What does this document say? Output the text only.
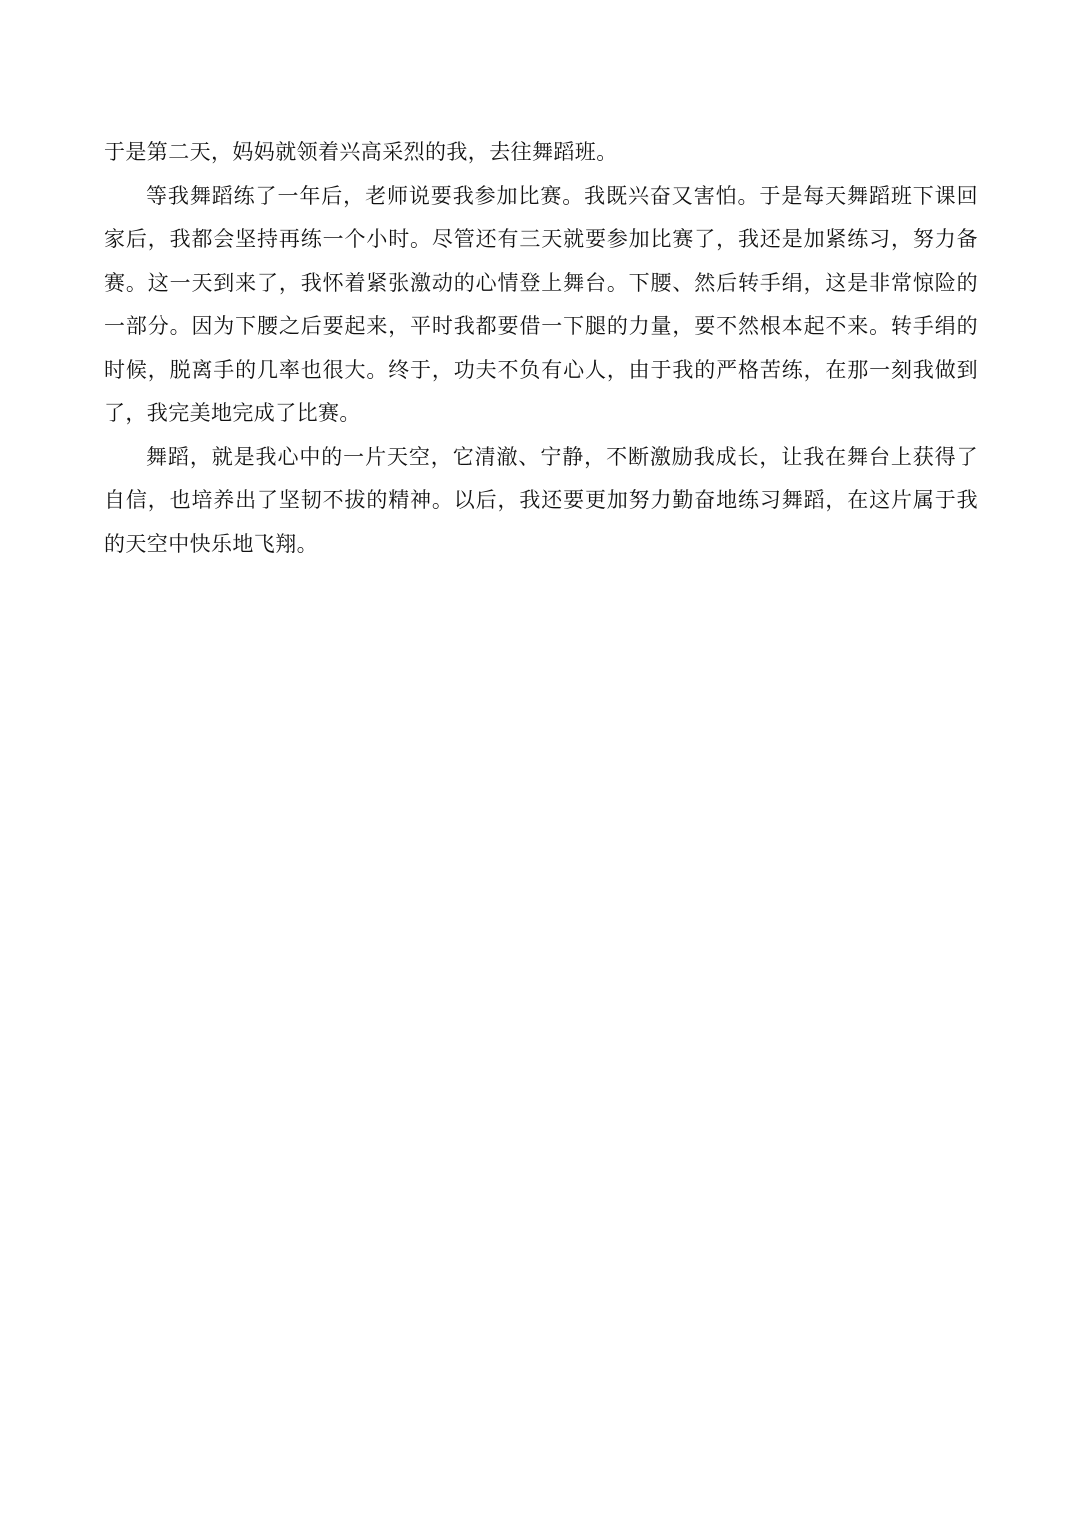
于是第二天，妈妈就领着兴高采烈的我，去往舞蹈班。

等我舞蹈练了一年后，老师说要我参加比赛。我既兴奋又害怕。于是每天舞蹈班下课回家后，我都会坚持再练一个小时。尽管还有三天就要参加比赛了，我还是加紧练习，努力备赛。这一天到来了，我怀着紧张激动的心情登上舞台。下腰、然后转手绢，这是非常惊险的一部分。因为下腰之后要起来，平时我都要借一下腿的力量，要不然根本起不来。转手绢的时候，脱离手的几率也很大。终于，功夫不负有心人，由于我的严格苦练，在那一刻我做到了，我完美地完成了比赛。

舞蹈，就是我心中的一片天空，它清澈、宁静，不断激励我成长，让我在舞台上获得了自信，也培养出了坚韧不拔的精神。以后，我还要更加努力勤奋地练习舞蹈，在这片属于我的天空中快乐地飞翔。
